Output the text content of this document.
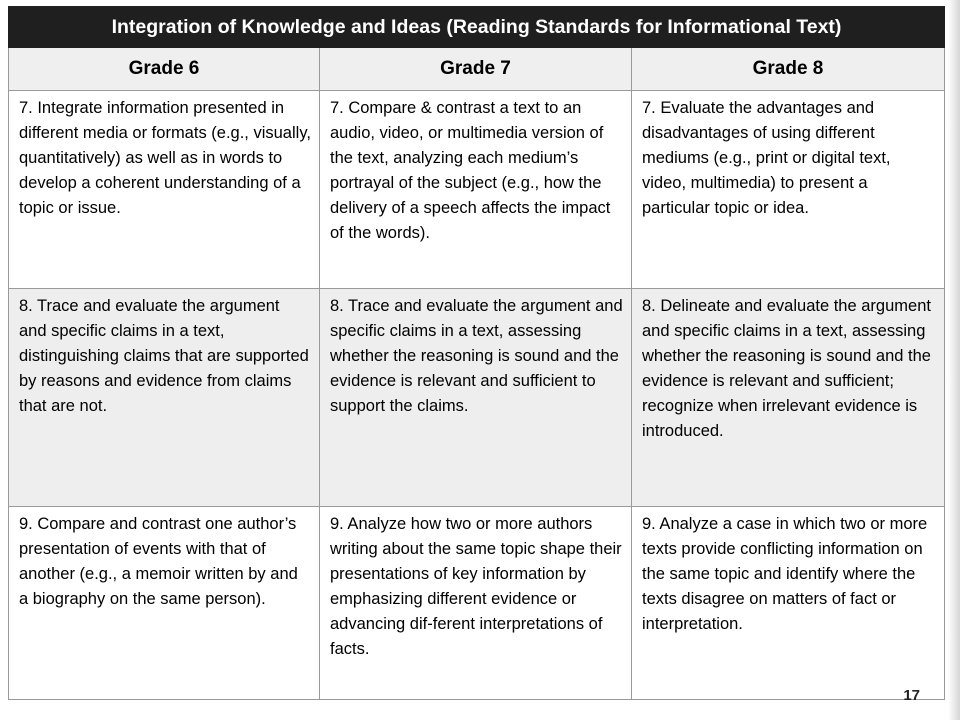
Integration of Knowledge and Ideas (Reading Standards for Informational Text)		
Grade 6	Grade 7	Grade 8
7. Integrate information presented in different media or formats (e.g., visually, quantitatively) as well as in words to develop a coherent understanding of a topic or issue.	7. Compare & contrast a text to an audio, video, or multimedia version of the text, analyzing each medium’s portrayal of the subject (e.g., how the delivery of a speech affects the impact of the words).	7. Evaluate the advantages and disadvantages of using different mediums (e.g., print or digital text, video, multimedia) to present a particular topic or idea.
8. Trace and evaluate the argument and specific claims in a text, distinguishing claims that are supported by reasons and evidence from claims that are not.	8. Trace and evaluate the argument and specific claims in a text, assessing whether the reasoning is sound and the evidence is relevant and sufficient to support the claims.	8. Delineate and evaluate the argument and specific claims in a text, assessing whether the reasoning is sound and the evidence is relevant and sufficient; recognize when irrelevant evidence is introduced.
9. Compare and contrast one author’s presentation of events with that of another (e.g., a memoir written by and a biography on the same person).	9. Analyze how two or more authors writing about the same topic shape their presentations of key information by emphasizing different evidence or advancing dif-ferent interpretations of facts.	9. Analyze a case in which two or more texts provide conflicting information on the same topic and identify where the texts disagree on matters of fact or interpretation.
17
